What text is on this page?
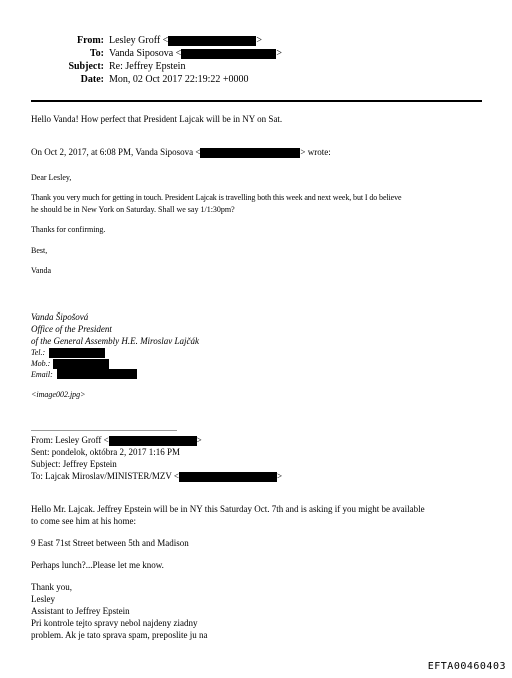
From: Lesley Groff <	>
To: Vanda Siposova <	>
Subject: Re: Jeffrey Epstein
Date: Mon, 02 Oct 2017 22:19:22 +0000
Hello Vanda! How perfect that President Lajcak will be in NY on Sat.
On Oct 2, 2017, at 6:08 PM, Vanda Siposova <	> wrote:
Dear Lesley,
Thank you very much for getting in touch. President Lajcak is travelling both this week and next week, but I do believe
he should be in New York on Saturday. Shall we say 1/1:30pm?
Thanks for confirming.
Best,
Vanda
Vanda Šipošová
Office of the President
of the General Assembly H.E. Miroslav Lajčák
Tel.:
Mob.:
Email:
<image002.jpg>
From: Lesley Groff <	>
Sent: pondelok, októbra 2, 2017 1:16 PM
Subject: Jeffrey Epstein
To: Lajcak Miroslav/MINISTER/MZV <	>
Hello Mr. Lajcak. Jeffrey Epstein will be in NY this Saturday Oct. 7th and is asking if you might be available
to come see him at his home:
9 East 71st Street between 5th and Madison
Perhaps lunch?...Please let me know.
Thank you,
Lesley
Assistant to Jeffrey Epstein
Pri kontrole tejto spravy nebol najdeny ziadny
problem. Ak je tato sprava spam, preposlite ju na
EFTA00460403
